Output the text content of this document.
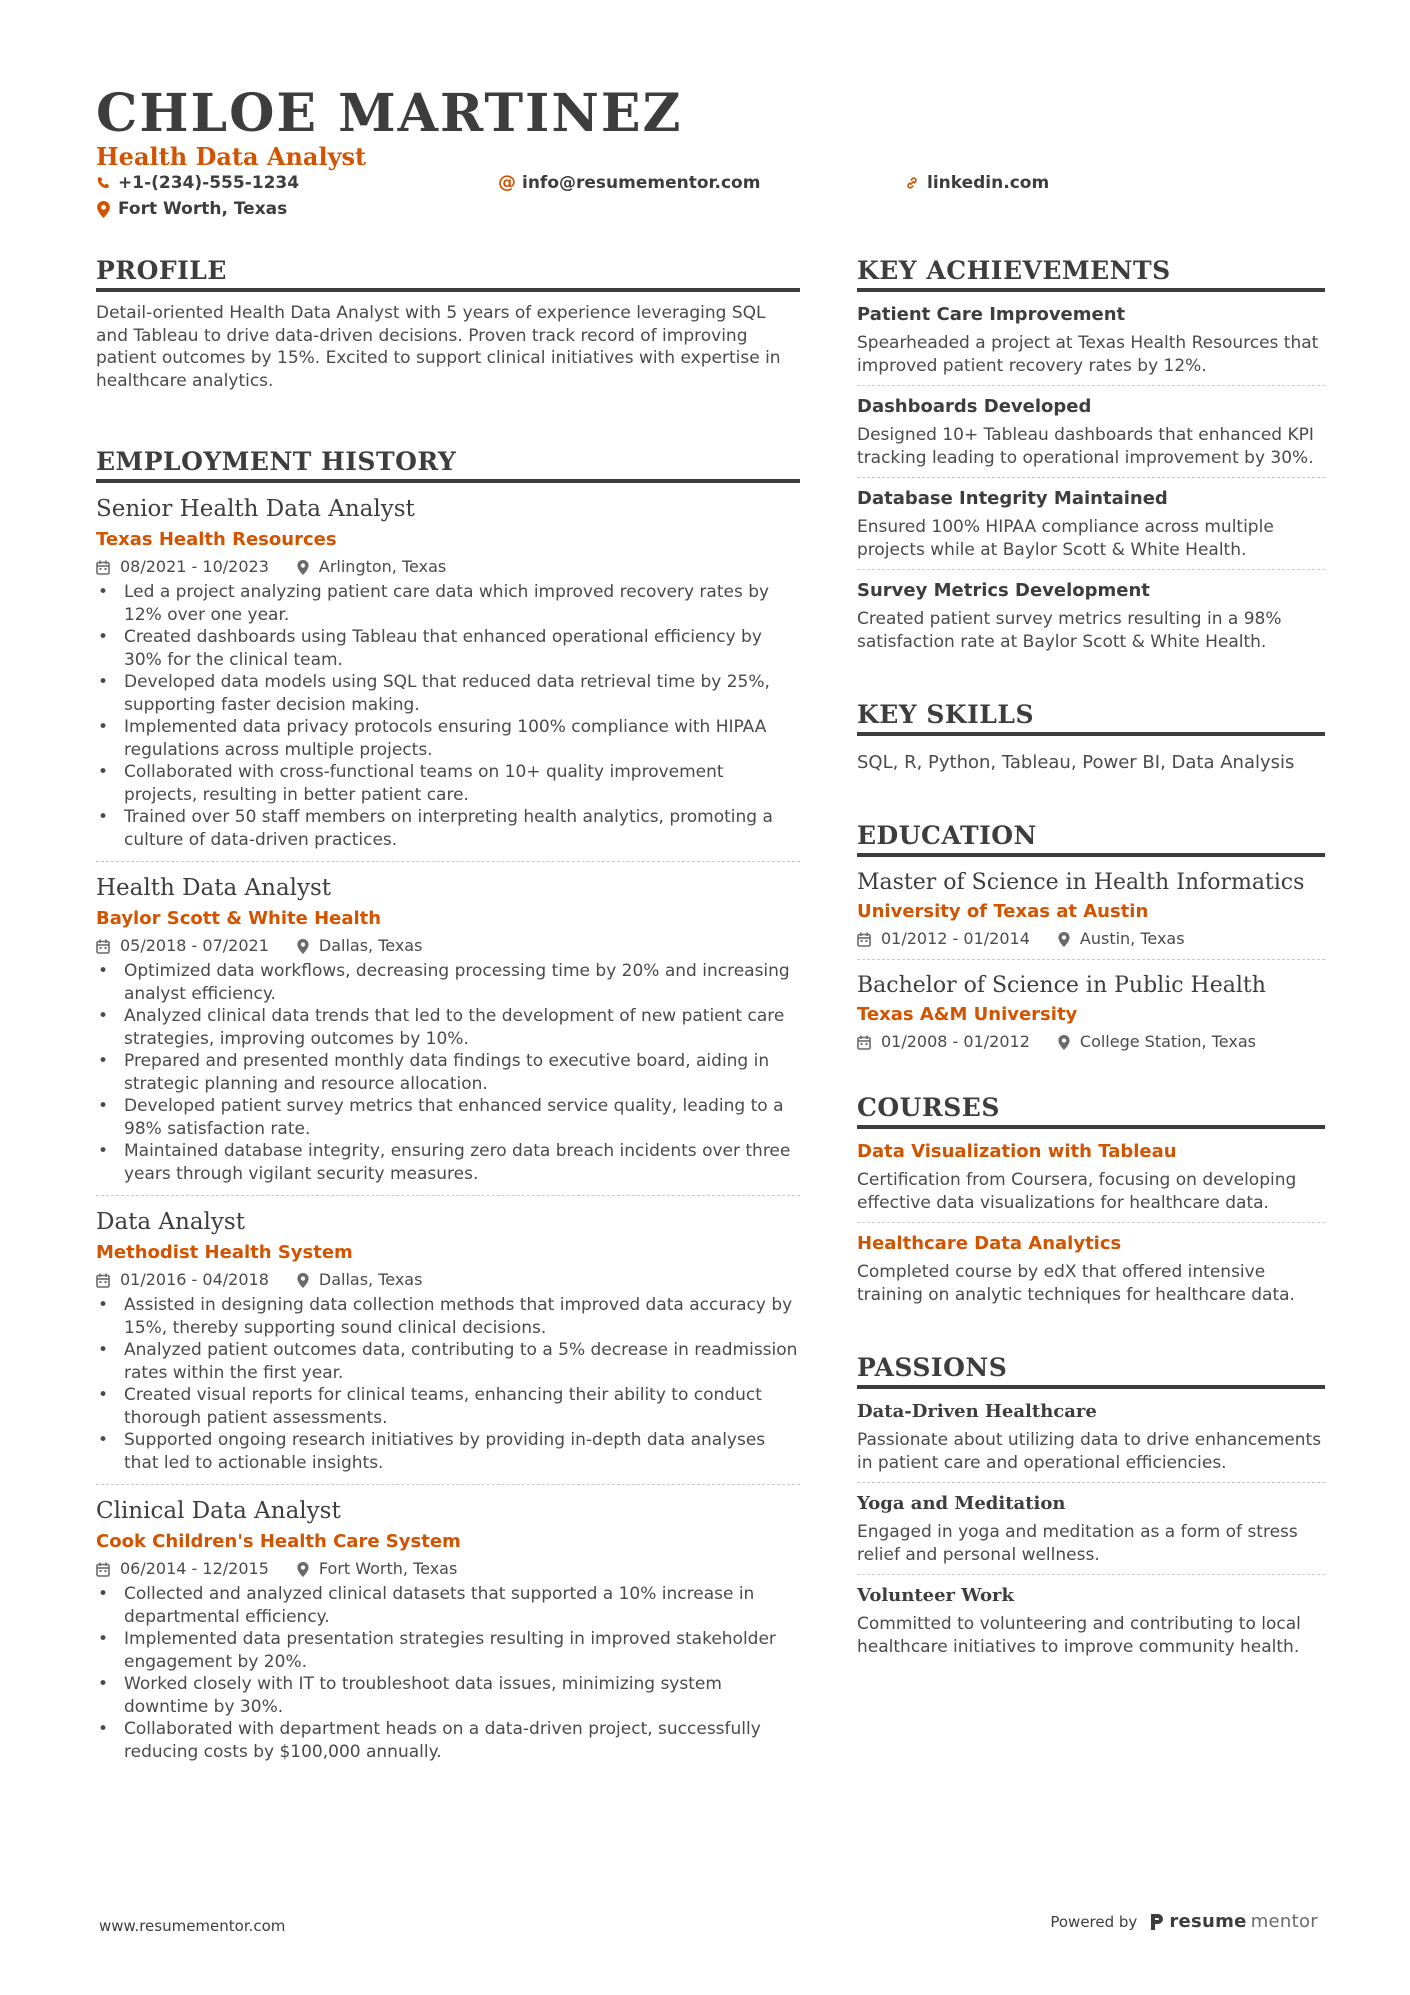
CHLOE MARTINEZ
Health Data Analyst
+1-(234)-555-1234	@ info@resumementor.com	linkedin.com
Fort Worth, Texas
PROFILE
Detail-oriented Health Data Analyst with 5 years of experience leveraging SQL and Tableau to drive data-driven decisions. Proven track record of improving patient outcomes by 15%. Excited to support clinical initiatives with expertise in healthcare analytics.
EMPLOYMENT HISTORY
Senior Health Data Analyst
Texas Health Resources
08/2021 - 10/2023	Arlington, Texas
• Led a project analyzing patient care data which improved recovery rates by 12% over one year.
• Created dashboards using Tableau that enhanced operational efficiency by 30% for the clinical team.
• Developed data models using SQL that reduced data retrieval time by 25%, supporting faster decision making.
• Implemented data privacy protocols ensuring 100% compliance with HIPAA regulations across multiple projects.
• Collaborated with cross-functional teams on 10+ quality improvement projects, resulting in better patient care.
• Trained over 50 staff members on interpreting health analytics, promoting a culture of data-driven practices.
Health Data Analyst
Baylor Scott & White Health
05/2018 - 07/2021	Dallas, Texas
• Optimized data workflows, decreasing processing time by 20% and increasing analyst efficiency.
• Analyzed clinical data trends that led to the development of new patient care strategies, improving outcomes by 10%.
• Prepared and presented monthly data findings to executive board, aiding in strategic planning and resource allocation.
• Developed patient survey metrics that enhanced service quality, leading to a 98% satisfaction rate.
• Maintained database integrity, ensuring zero data breach incidents over three years through vigilant security measures.
Data Analyst
Methodist Health System
01/2016 - 04/2018	Dallas, Texas
• Assisted in designing data collection methods that improved data accuracy by 15%, thereby supporting sound clinical decisions.
• Analyzed patient outcomes data, contributing to a 5% decrease in readmission rates within the first year.
• Created visual reports for clinical teams, enhancing their ability to conduct thorough patient assessments.
• Supported ongoing research initiatives by providing in-depth data analyses that led to actionable insights.
Clinical Data Analyst
Cook Children's Health Care System
06/2014 - 12/2015	Fort Worth, Texas
• Collected and analyzed clinical datasets that supported a 10% increase in departmental efficiency.
• Implemented data presentation strategies resulting in improved stakeholder engagement by 20%.
• Worked closely with IT to troubleshoot data issues, minimizing system downtime by 30%.
• Collaborated with department heads on a data-driven project, successfully reducing costs by $100,000 annually.
KEY ACHIEVEMENTS
Patient Care Improvement
Spearheaded a project at Texas Health Resources that improved patient recovery rates by 12%.
Dashboards Developed
Designed 10+ Tableau dashboards that enhanced KPI tracking leading to operational improvement by 30%.
Database Integrity Maintained
Ensured 100% HIPAA compliance across multiple projects while at Baylor Scott & White Health.
Survey Metrics Development
Created patient survey metrics resulting in a 98% satisfaction rate at Baylor Scott & White Health.
KEY SKILLS
SQL, R, Python, Tableau, Power BI, Data Analysis
EDUCATION
Master of Science in Health Informatics
University of Texas at Austin
01/2012 - 01/2014	Austin, Texas
Bachelor of Science in Public Health
Texas A&M University
01/2008 - 01/2012	College Station, Texas
COURSES
Data Visualization with Tableau
Certification from Coursera, focusing on developing effective data visualizations for healthcare data.
Healthcare Data Analytics
Completed course by edX that offered intensive training on analytic techniques for healthcare data.
PASSIONS
Data-Driven Healthcare
Passionate about utilizing data to drive enhancements in patient care and operational efficiencies.
Yoga and Meditation
Engaged in yoga and meditation as a form of stress relief and personal wellness.
Volunteer Work
Committed to volunteering and contributing to local healthcare initiatives to improve community health.
www.resumementor.com	Powered by resume mentor
